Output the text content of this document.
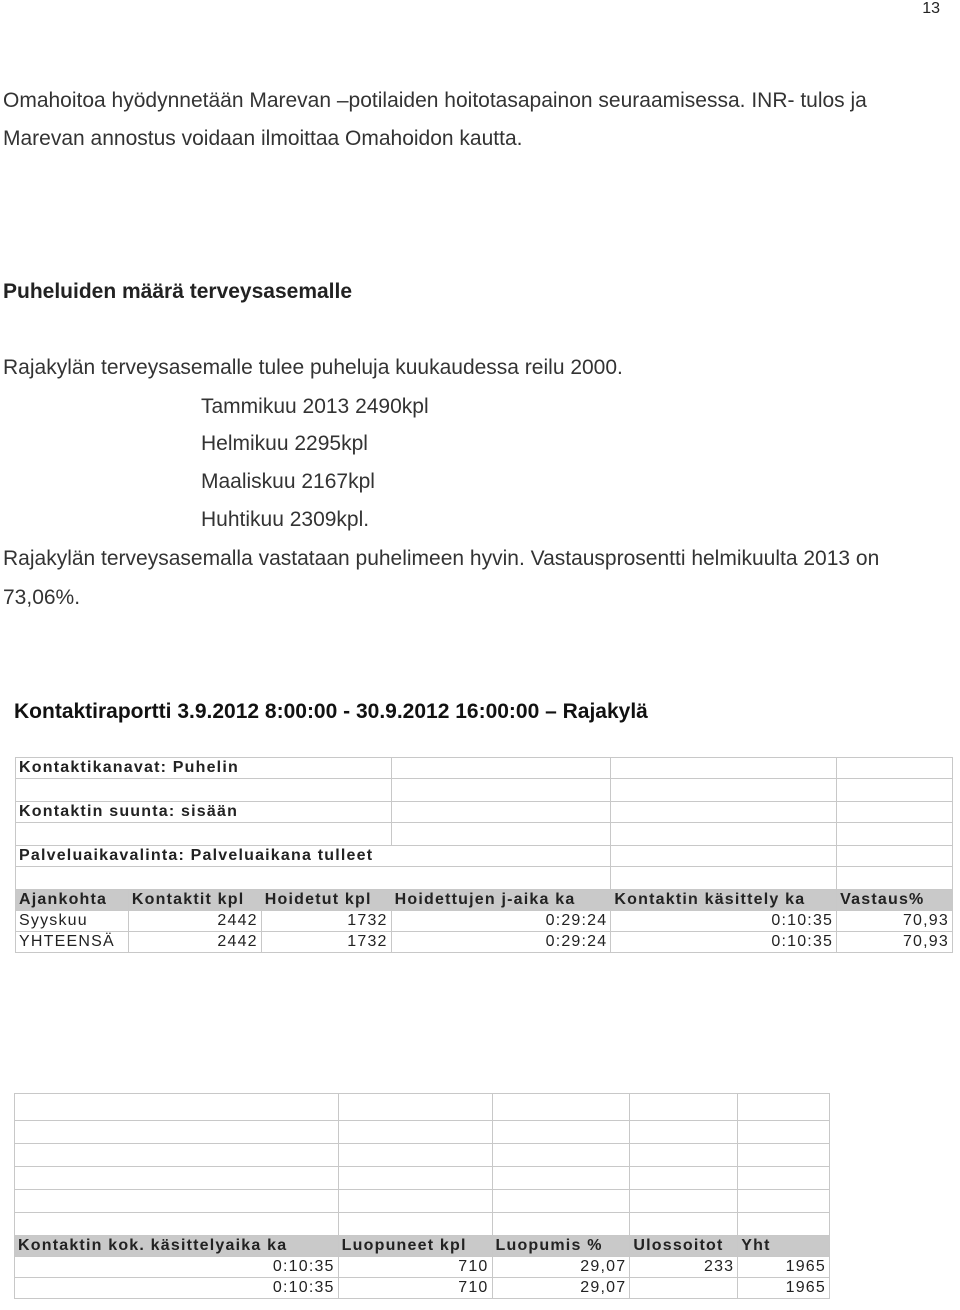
13
Omahoitoa hyödynnetään Marevan –potilaiden hoitotasapainon seuraamisessa. INR- tulos ja
Marevan annostus voidaan ilmoittaa Omahoidon kautta.
Puheluiden määrä terveysasemalle
Rajakylän terveysasemalle tulee puheluja kuukaudessa reilu 2000.
Tammikuu 2013 2490kpl
Helmikuu 2295kpl
Maaliskuu 2167kpl
Huhtikuu 2309kpl.
Rajakylän terveysasemalla vastataan puhelimeen hyvin. Vastausprosentti helmikuulta 2013 on
73,06%.
Kontaktiraportti 3.9.2012 8:00:00 - 30.9.2012 16:00:00 – Rajakylä
Kontaktikanavat: Puhelin					

Kontaktin suunta: sisään					

Palveluaikavalinta: Palveluaikana tulleet					

Ajankohta	Kontaktit kpl	Hoidetut kpl	Hoidettujen j-aika ka	Kontaktin käsittely ka	Vastaus%
Syyskuu	2442	1732	0:29:24	0:10:35	70,93
YHTEENSÄ	2442	1732	0:29:24	0:10:35	70,93

Kontaktin kok. käsittelyaika ka	Luopuneet kpl	Luopumis %	Ulossoitot	Yht
0:10:35	710	29,07	233	1965
0:10:35	710	29,07		1965
